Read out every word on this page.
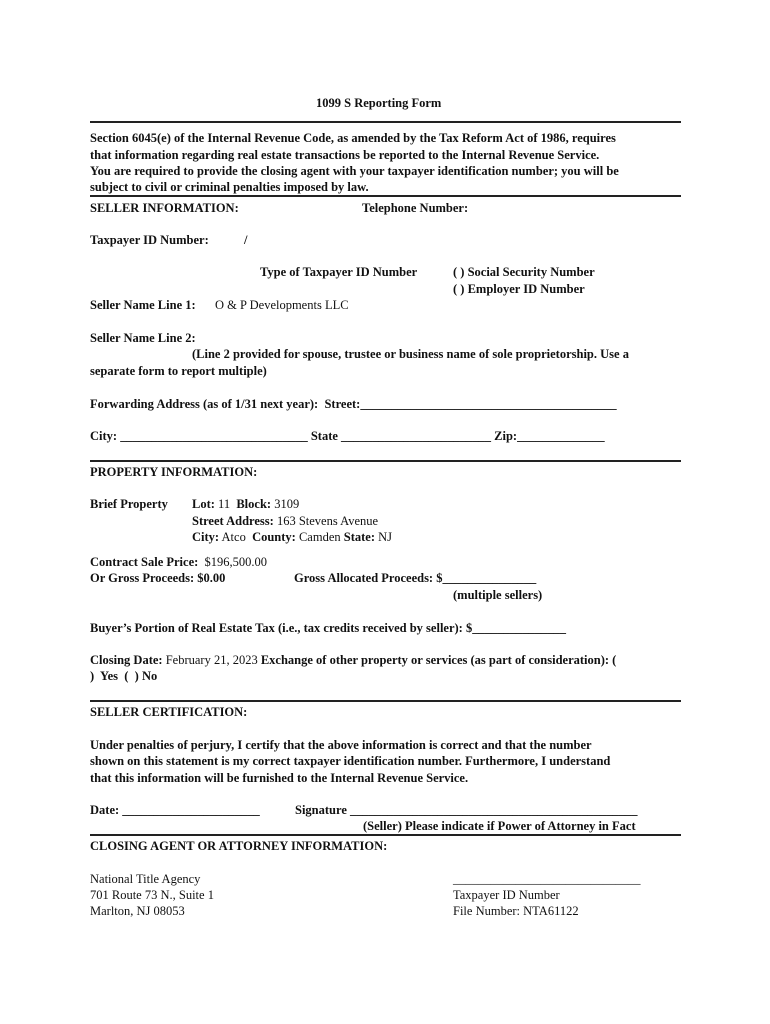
1099 S Reporting Form
Section 6045(e) of the Internal Revenue Code, as amended by the Tax Reform Act of 1986, requires
that information regarding real estate transactions be reported to the Internal Revenue Service.
You are required to provide the closing agent with your taxpayer identification number; you will be
subject to civil or criminal penalties imposed by law.
SELLER INFORMATION:	Telephone Number:
Taxpayer ID Number:	/
Type of Taxpayer ID Number	( ) Social Security Number
( ) Employer ID Number
Seller Name Line 1: O & P Developments LLC
Seller Name Line 2:
(Line 2 provided for spouse, trustee or business name of sole proprietorship. Use a
separate form to report multiple)
Forwarding Address (as of 1/31 next year):  Street:_________________________________________
City: ______________________________ State ________________________ Zip:______________
PROPERTY INFORMATION:
Brief Property Lot: 11 Block: 3109
Street Address: 163 Stevens Avenue
City: Atco County: Camden State: NJ
Contract Sale Price: $196,500.00
Or Gross Proceeds: $0.00	Gross Allocated Proceeds: $_______________
(multiple sellers)
Buyer’s Portion of Real Estate Tax (i.e., tax credits received by seller): $_______________
Closing Date: February 21, 2023 Exchange of other property or services (as part of consideration): (
)  Yes  (  ) No
SELLER CERTIFICATION:
Under penalties of perjury, I certify that the above information is correct and that the number
shown on this statement is my correct taxpayer identification number. Furthermore, I understand
that this information will be furnished to the Internal Revenue Service.
Date: ______________________	Signature ______________________________________________
(Seller) Please indicate if Power of Attorney in Fact
CLOSING AGENT OR ATTORNEY INFORMATION:
National Title Agency
701 Route 73 N., Suite 1
Marlton, NJ 08053
______________________________
Taxpayer ID Number
File Number: NTA61122
